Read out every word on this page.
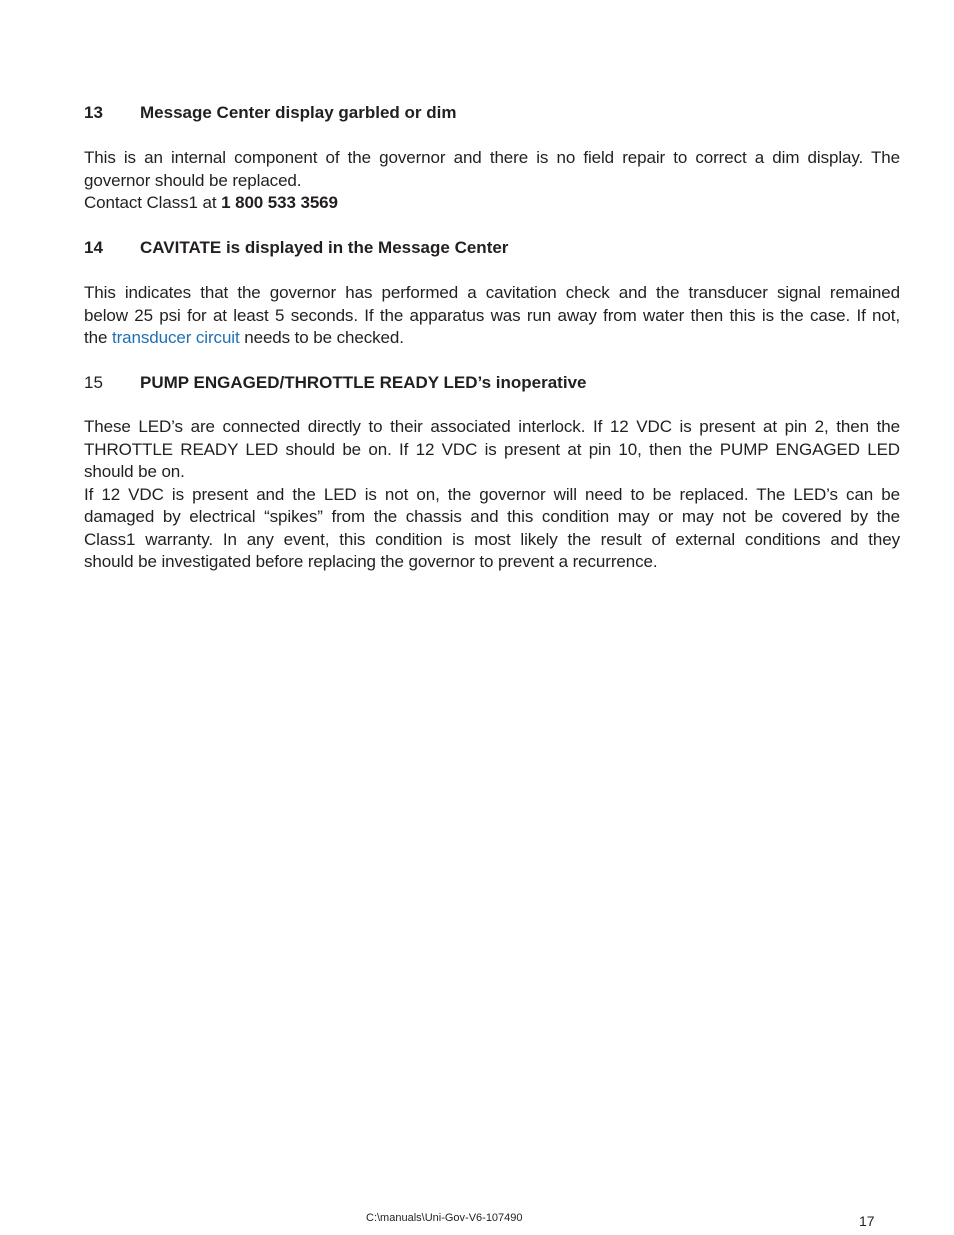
13 Message Center display garbled or dim
This is an internal component of the governor and there is no field repair to correct a dim display. The
governor should be replaced.
Contact Class1 at 1 800 533 3569
14 CAVITATE is displayed in the Message Center
This indicates that the governor has performed a cavitation check and the transducer signal remained
below 25 psi for at least 5 seconds. If the apparatus was run away from water then this is the case. If not,
the transducer circuit needs to be checked.
15 PUMP ENGAGED/THROTTLE READY LED’s inoperative
These LED’s are connected directly to their associated interlock. If 12 VDC is present at pin 2, then the
THROTTLE READY LED should be on. If 12 VDC is present at pin 10, then the PUMP ENGAGED LED
should be on.
If 12 VDC is present and the LED is not on, the governor will need to be replaced. The LED’s can be
damaged by electrical “spikes” from the chassis and this condition may or may not be covered by the
Class1 warranty. In any event, this condition is most likely the result of external conditions and they
should be investigated before replacing the governor to prevent a recurrence.
C:\manuals\Uni-Gov-V6-107490	17
